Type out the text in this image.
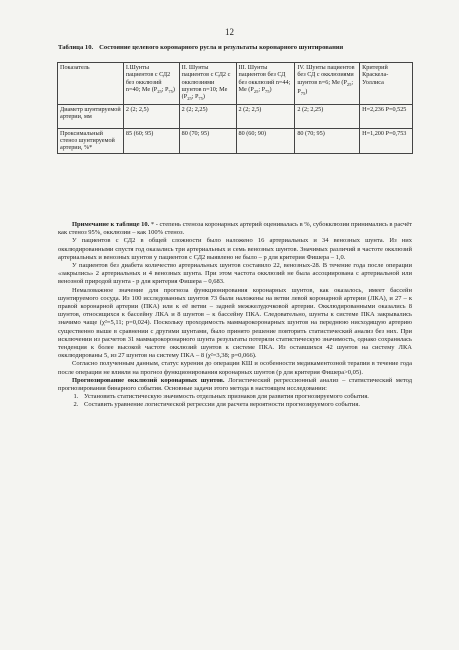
12
Таблица 10. Состояние целевого коронарного русла и результаты коронарного шунтирования
Показатель	I.Шунты пациентов с СД2 без окклюзий n=40; Me ($P_{25}$; $P_{75}$)	II. Шунты пациентов с СД2 с окклюзиями шунтов n=10; Me ($P_{25}$; $P_{75}$)	III. Шунты пациентов без СД без окклюзий n=44; Me ($P_{25}$; $P_{75}$)	IV. Шунты пациентов без СД с окклюзиями шунтов n=6; Me ($P_{25}$; $P_{75}$)	Критерий Краскела-Уоллиса
Диаметр шунтируемой артерии, мм	2 (2; 2,5)	2 (2; 2,25)	2 (2; 2,5)	2 (2; 2,25)	H=2,236 P=0,525
Проксимальный стеноз шунтируемой артерии, %*	85 (60; 95)	80 (70; 95)	80 (60; 90)	80 (70; 95)	H=1,200 P=0,753

Примечание к таблице 10. * - степень стеноза коронарных артерий оценивалась в %, субокклюзии принимались в расчёт как стеноз 95%, окклюзии – как 100% стеноз.

У пациентов с СД2 в общей сложности было наложено 16 артериальных и 34 венозных шунта. Из них окклюдированными спустя год оказались три артериальных и семь венозных шунтов. Значимых различий в частоте окклюзий артериальных и венозных шунтов у пациентов с СД2 выявлено не было – p для критерия Фишера – 1,0.

У пациентов без диабета количество артериальных шунтов составило 22, венозных-28. В течение года после операции «закрылись» 2 артериальных и 4 венозных шунта. При этом частота окклюзий не была ассоциирована с артериальной или венозной природой шунта - р для критерия Фишера – 0,683.

Немаловажное значение для прогноза функционирования коронарных шунтов, как оказалось, имеет бассейн шунтируемого сосуда. Из 100 исследованных шунтов 73 были наложены на ветви левой коронарной артерии (ЛКА), и 27 – к правой коронарной артерии (ПКА) или к её ветви – задней межжелудочковой артерии. Окклюдированными оказались 8 шунтов, относящихся к бассейну ЛКА и 8 шунтов – к бассейну ПКА. Следовательно, шунты к системе ПКА закрывались значимо чаще (χ²=5,11; p=0,024). Поскольку проходимость маммарокоронарных шунтов на переднюю нисходящую артерию существенно выше в сравнении с другими шунтами, было принято решение повторить статистический анализ без них. При исключении из расчетов 31 маммарокоронарного шунта результаты потеряли статистическую значимость, однако сохранялась тенденция к более высокой частоте окклюзий шунтов к системе ПКА. Из оставшихся 42 шунтов на систему ЛКА окклюдированы 5, из 27 шунтов на систему ПКА – 8 (χ²=3,38; p=0,066).

Согласно полученным данным, статус курения до операции КШ и особенности медикаментозной терапии в течение года после операции не влияли на прогноз функционирования коронарных шунтов (р для критерия Фишера>0,05).

Прогнозирование окклюзий коронарных шунтов. Логистический регрессионный анализ – статистический метод прогнозирования бинарного события. Основные задачи этого метода в настоящем исследовании:

1. Установить статистическую значимость отдельных признаков для развития прогнозируемого события.
2. Составить уравнение логистической регрессии для расчета вероятности прогнозируемого события.
